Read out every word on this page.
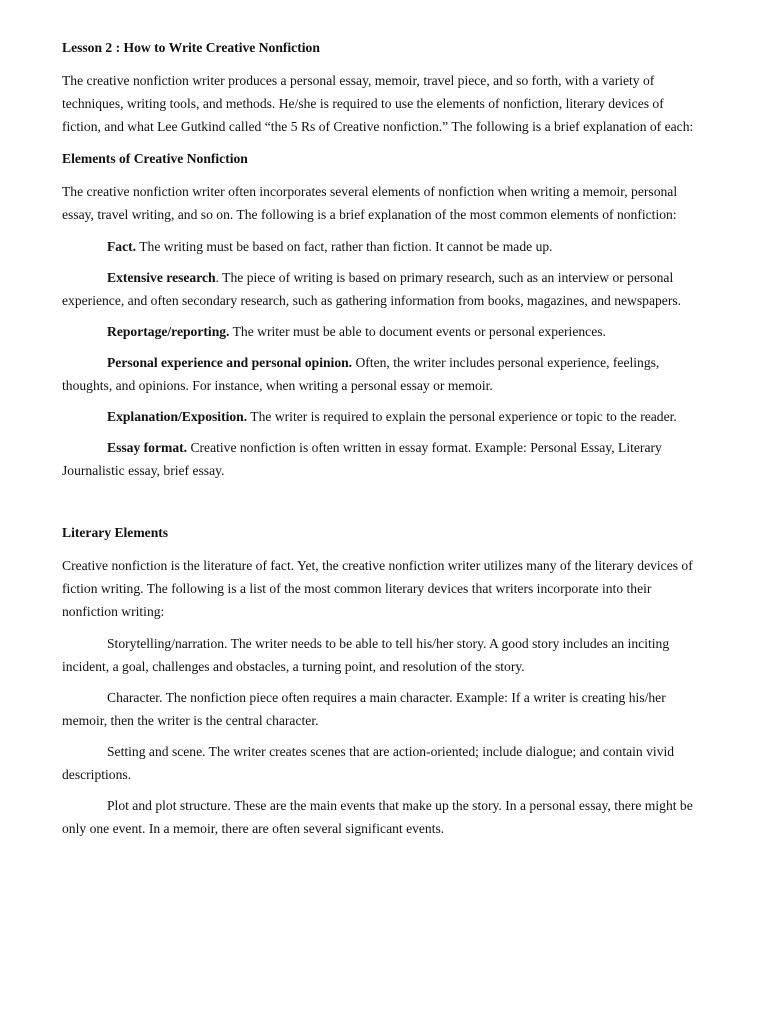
Lesson 2 : How to Write Creative Nonfiction

The creative nonfiction writer produces a personal essay, memoir, travel piece, and so forth, with a variety of techniques, writing tools, and methods. He/she is required to use the elements of nonfiction, literary devices of fiction, and what Lee Gutkind called “the 5 Rs of Creative nonfiction.” The following is a brief explanation of each:

Elements of Creative Nonfiction

The creative nonfiction writer often incorporates several elements of nonfiction when writing a memoir, personal essay, travel writing, and so on. The following is a brief explanation of the most common elements of nonfiction:

Fact. The writing must be based on fact, rather than fiction. It cannot be made up.

Extensive research. The piece of writing is based on primary research, such as an interview or personal experience, and often secondary research, such as gathering information from books, magazines, and newspapers.

Reportage/reporting. The writer must be able to document events or personal experiences.

Personal experience and personal opinion. Often, the writer includes personal experience, feelings, thoughts, and opinions. For instance, when writing a personal essay or memoir.

Explanation/Exposition. The writer is required to explain the personal experience or topic to the reader.

Essay format. Creative nonfiction is often written in essay format. Example: Personal Essay, Literary Journalistic essay, brief essay.

Literary Elements

Creative nonfiction is the literature of fact. Yet, the creative nonfiction writer utilizes many of the literary devices of fiction writing. The following is a list of the most common literary devices that writers incorporate into their nonfiction writing:

Storytelling/narration. The writer needs to be able to tell his/her story. A good story includes an inciting incident, a goal, challenges and obstacles, a turning point, and resolution of the story.

Character. The nonfiction piece often requires a main character. Example: If a writer is creating his/her memoir, then the writer is the central character.

Setting and scene. The writer creates scenes that are action-oriented; include dialogue; and contain vivid descriptions.

Plot and plot structure. These are the main events that make up the story. In a personal essay, there might be only one event. In a memoir, there are often several significant events.
